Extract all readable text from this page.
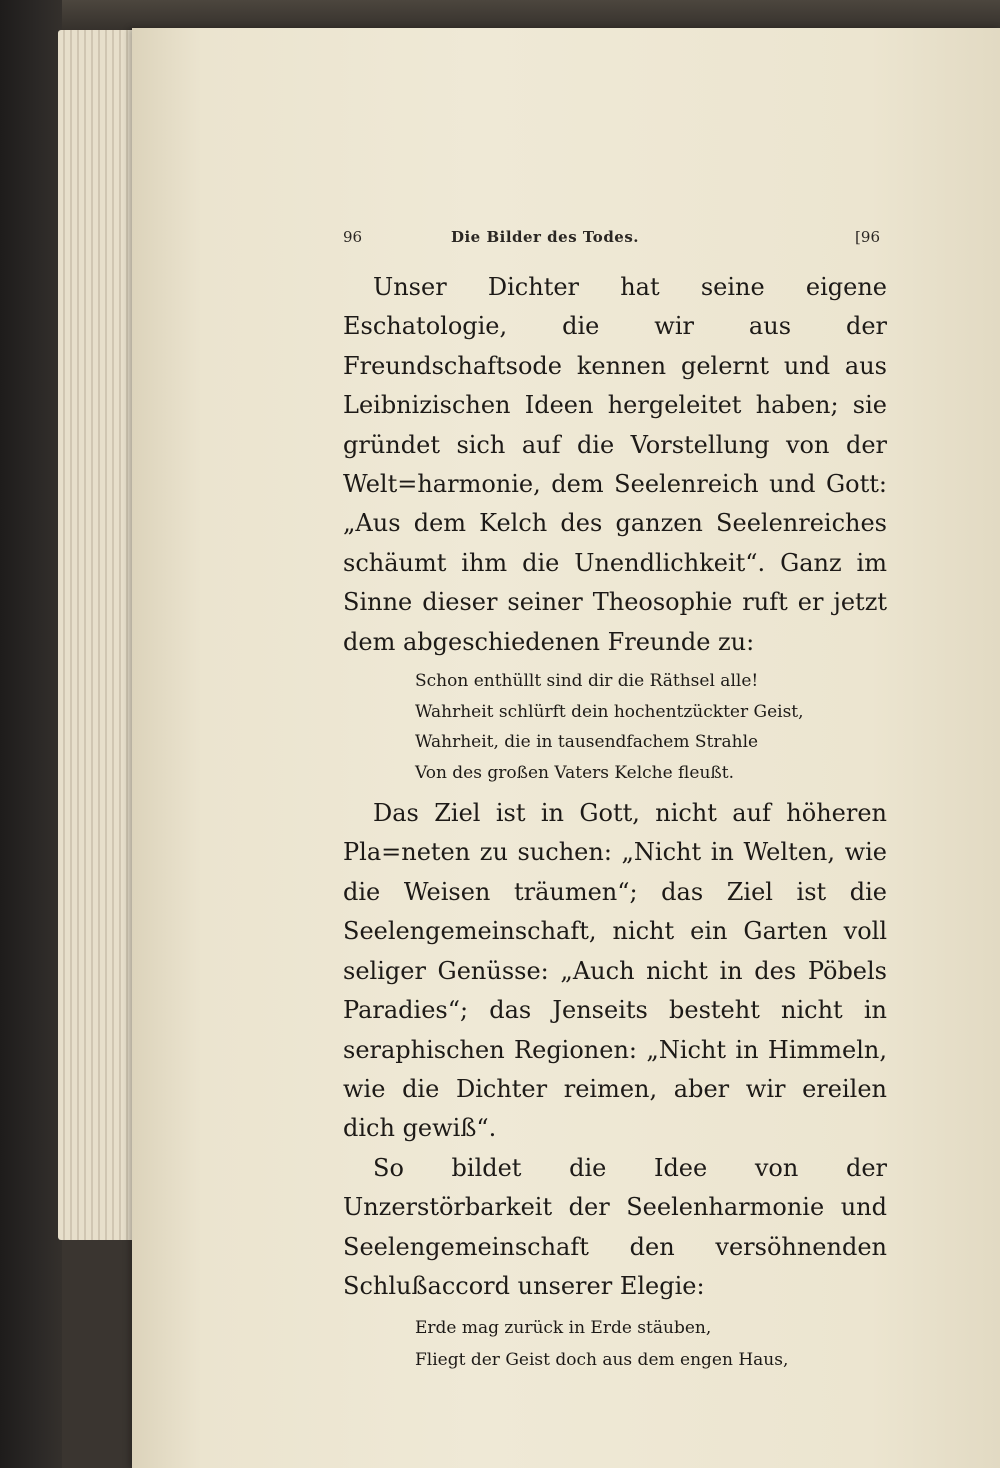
96	Die Bilder des Todes.	[96

Unser Dichter hat seine eigene Eschatologie, die wir aus der Freundschaftsode kennen gelernt und aus Leibnizischen Ideen hergeleitet haben; sie gründet sich auf die Vorstellung von der Welt=harmonie, dem Seelenreich und Gott: „Aus dem Kelch des ganzen Seelenreiches schäumt ihm die Unendlichkeit“. Ganz im Sinne dieser seiner Theosophie ruft er jetzt dem abgeschiedenen Freunde zu:

Schon enthüllt sind dir die Räthsel alle!
Wahrheit schlürft dein hochentzückter Geist,
Wahrheit, die in tausendfachem Strahle
Von des großen Vaters Kelche fleußt.

Das Ziel ist in Gott, nicht auf höheren Pla=neten zu suchen: „Nicht in Welten, wie die Weisen träumen“; das Ziel ist die Seelengemeinschaft, nicht ein Garten voll seliger Genüsse: „Auch nicht in des Pöbels Paradies“; das Jenseits besteht nicht in seraphischen Regionen: „Nicht in Himmeln, wie die Dichter reimen, aber wir ereilen dich gewiß“.

So bildet die Idee von der Unzerstörbarkeit der Seelenharmonie und Seelengemeinschaft den versöhnenden Schlußaccord unserer Elegie:

Erde mag zurück in Erde stäuben,
Fliegt der Geist doch aus dem engen Haus,
